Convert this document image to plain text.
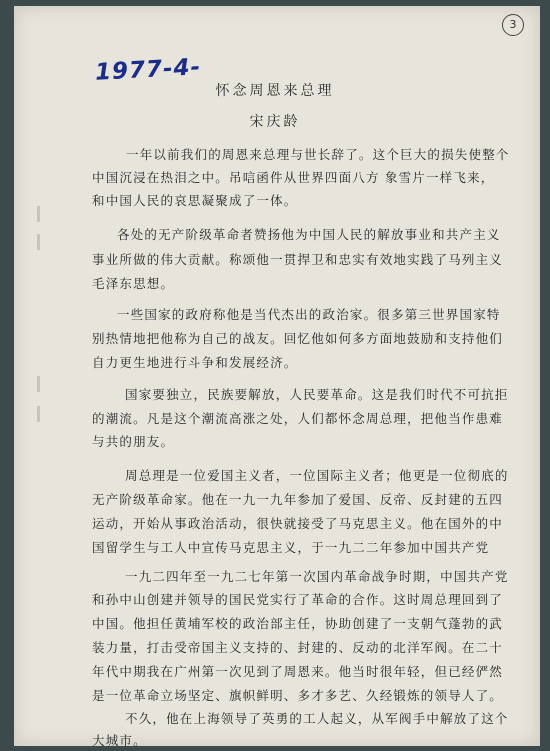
3
1977-4-
怀念周恩来总理
宋庆龄
一年以前我们的周恩来总理与世长辞了。这个巨大的损失使整个
中国沉浸在热泪之中。吊唁函件从世界四面八方 象雪片一样飞来，
和中国人民的哀思凝聚成了一体。
各处的无产阶级革命者赞扬他为中国人民的解放事业和共产主义
事业所做的伟大贡献。称颂他一贯捍卫和忠实有效地实践了马列主义
毛泽东思想。
一些国家的政府称他是当代杰出的政治家。很多第三世界国家特
别热情地把他称为自己的战友。回忆他如何多方面地鼓励和支持他们
自力更生地进行斗争和发展经济。
国家要独立，民族要解放，人民要革命。这是我们时代不可抗拒
的潮流。凡是这个潮流高涨之处，人们都怀念周总理，把他当作患难
与共的朋友。
周总理是一位爱国主义者，一位国际主义者；他更是一位彻底的
无产阶级革命家。他在一九一九年参加了爱国、反帝、反封建的五四
运动，开始从事政治活动，很快就接受了马克思主义。他在国外的中
国留学生与工人中宣传马克思主义，于一九二二年参加中国共产党
一九二四年至一九二七年第一次国内革命战争时期，中国共产党
和孙中山创建并领导的国民党实行了革命的合作。这时周总理回到了
中国。他担任黄埔军校的政治部主任，协助创建了一支朝气蓬勃的武
装力量，打击受帝国主义支持的、封建的、反动的北洋军阀。在二十
年代中期我在广州第一次见到了周恩来。他当时很年轻，但已经俨然
是一位革命立场坚定、旗帜鲜明、多才多艺、久经锻炼的领导人了。
不久，他在上海领导了英勇的工人起义，从军阀手中解放了这个
大城市。
